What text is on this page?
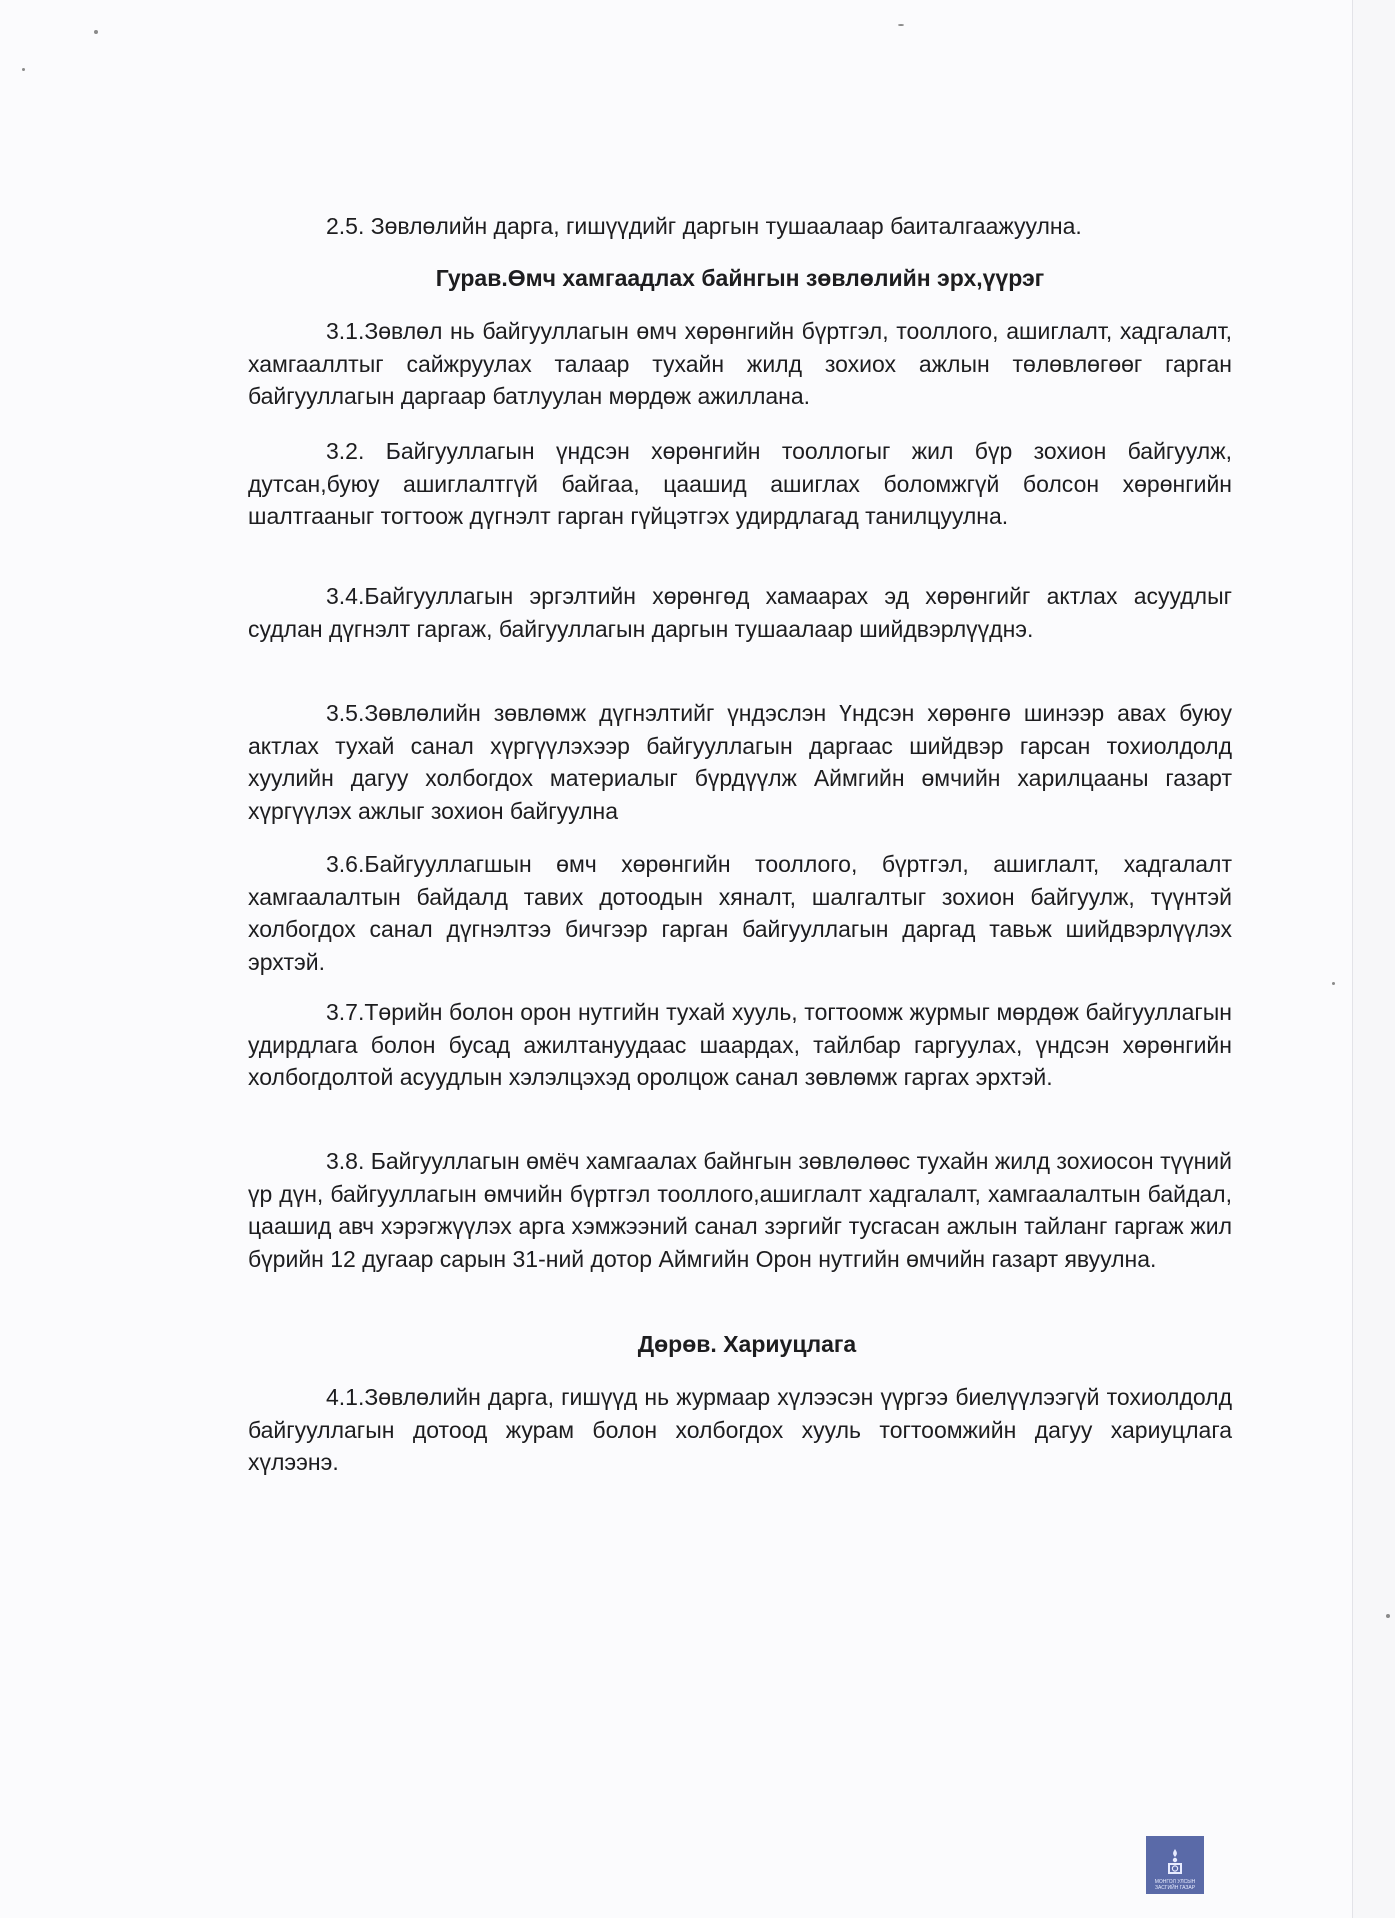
2.5. Зөвлөлийн дарга, гишүүдийг даргын тушаалаар баиталгаажуулна.

Гурав.Өмч хамгаадлах байнгын зөвлөлийн эрх,үүрэг

3.1.Зөвлөл нь байгууллагын өмч хөрөнгийн бүртгэл, тооллого, ашиглалт, хадгалалт, хамгааллтыг сайжруулах талаар тухайн жилд зохиох ажлын төлөвлөгөөг гарган байгууллагын даргаар батлуулан мөрдөж ажиллана.

3.2. Байгууллагын үндсэн хөрөнгийн тооллогыг жил бүр зохион байгуулж, дутсан,буюу ашиглалтгүй байгаа, цаашид ашиглах боломжгүй болсон хөрөнгийн шалтгааныг тогтоож дүгнэлт гарган гүйцэтгэх удирдлагад танилцуулна.

3.4.Байгууллагын эргэлтийн хөрөнгөд хамаарах эд хөрөнгийг актлах асуудлыг судлан дүгнэлт гаргаж, байгууллагын даргын тушаалаар шийдвэрлүүднэ.

3.5.Зөвлөлийн зөвлөмж дүгнэлтийг үндэслэн Үндсэн хөрөнгө шинээр авах буюу актлах тухай санал хүргүүлэхээр байгууллагын даргаас шийдвэр гарсан тохиолдолд хуулийн дагуу холбогдох материалыг бүрдүүлж Аймгийн өмчийн харилцааны газарт хүргүүлэх ажлыг зохион байгуулна

3.6.Байгууллагшын өмч хөрөнгийн тооллого, бүртгэл, ашиглалт, хадгалалт хамгаалалтын байдалд тавих дотоодын хяналт, шалгалтыг зохион байгуулж, түүнтэй холбогдох санал дүгнэлтээ бичгээр гарган байгууллагын даргад тавьж шийдвэрлүүлэх эрхтэй.

3.7.Төрийн болон орон нутгийн тухай хууль, тогтоомж журмыг мөрдөж байгууллагын удирдлага болон бусад ажилтануудаас шаардах, тайлбар гаргуулах, үндсэн хөрөнгийн холбогдолтой асуудлын хэлэлцэхэд оролцож санал зөвлөмж гаргах эрхтэй.

3.8. Байгууллагын өмёч хамгаалах байнгын зөвлөлөөс тухайн жилд зохиосон түүний үр дүн, байгууллагын өмчийн бүртгэл тооллого,ашиглалт хадгалалт, хамгаалалтын байдал, цаашид авч хэрэгжүүлэх арга хэмжээний санал зэргийг тусгасан ажлын тайланг гаргаж жил бүрийн 12 дугаар сарын 31-ний дотор Аймгийн Орон нутгийн өмчийн газарт явуулна.

Дөрөв. Хариуцлага

4.1.Зөвлөлийн дарга, гишүүд нь журмаар хүлээсэн үүргээ биелүүлээгүй тохиолдолд байгууллагын дотоод журам болон холбогдох хууль тогтоомжийн дагуу хариуцлага хүлээнэ.

МОНГОЛ УЛСЫН
ЗАСГИЙН ГАЗАР
